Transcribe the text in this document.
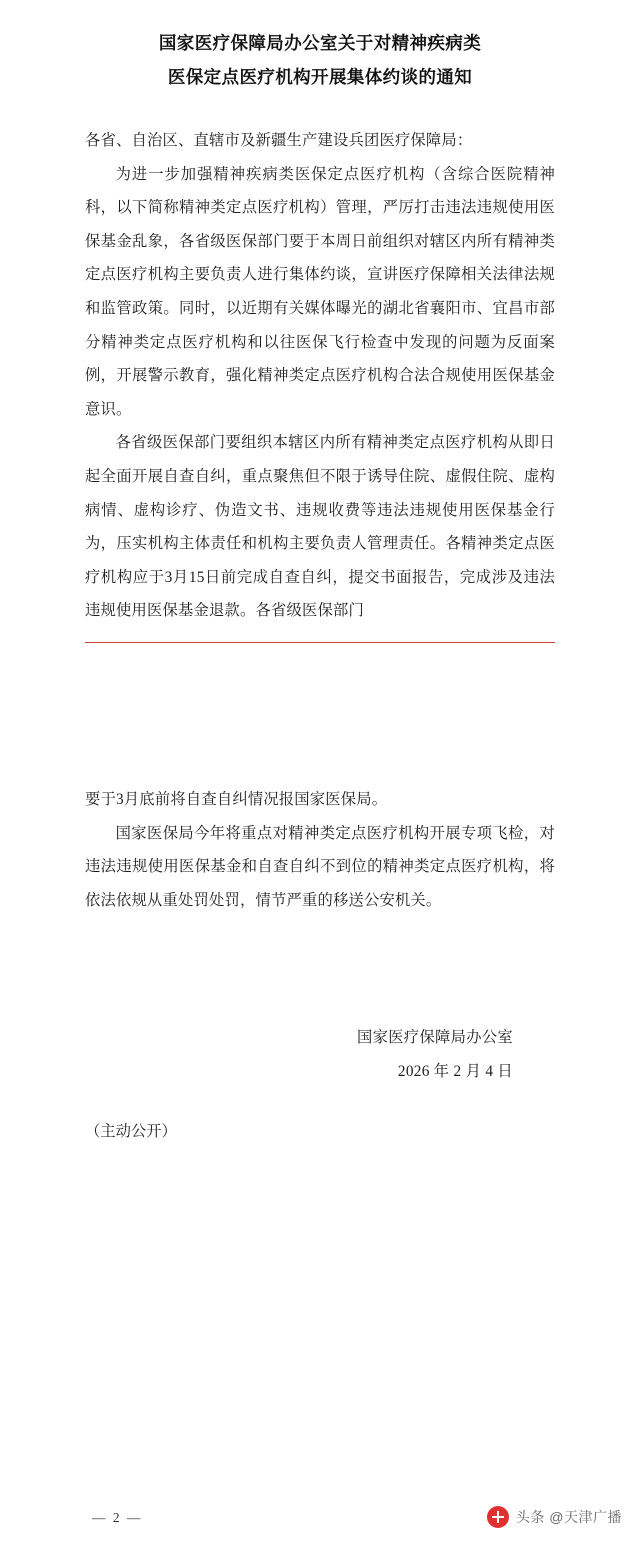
国家医疗保障局办公室关于对精神疾病类
医保定点医疗机构开展集体约谈的通知

各省、自治区、直辖市及新疆生产建设兵团医疗保障局：

为进一步加强精神疾病类医保定点医疗机构（含综合医院精神科，以下简称精神类定点医疗机构）管理，严厉打击违法违规使用医保基金乱象，各省级医保部门要于本周日前组织对辖区内所有精神类定点医疗机构主要负责人进行集体约谈，宣讲医疗保障相关法律法规和监管政策。同时，以近期有关媒体曝光的湖北省襄阳市、宜昌市部分精神类定点医疗机构和以往医保飞行检查中发现的问题为反面案例，开展警示教育，强化精神类定点医疗机构合法合规使用医保基金意识。

各省级医保部门要组织本辖区内所有精神类定点医疗机构从即日起全面开展自查自纠，重点聚焦但不限于诱导住院、虚假住院、虚构病情、虚构诊疗、伪造文书、违规收费等违法违规使用医保基金行为，压实机构主体责任和机构主要负责人管理责任。各精神类定点医疗机构应于3月15日前完成自查自纠，提交书面报告，完成涉及违法违规使用医保基金退款。各省级医保部门

要于3月底前将自查自纠情况报国家医保局。

国家医保局今年将重点对精神类定点医疗机构开展专项飞检，对违法违规使用医保基金和自查自纠不到位的精神类定点医疗机构，将依法依规从重处罚处罚，情节严重的移送公安机关。

国家医疗保障局办公室
2026 年 2 月 4 日
（主动公开）
— 2 —	头条 @天津广播
